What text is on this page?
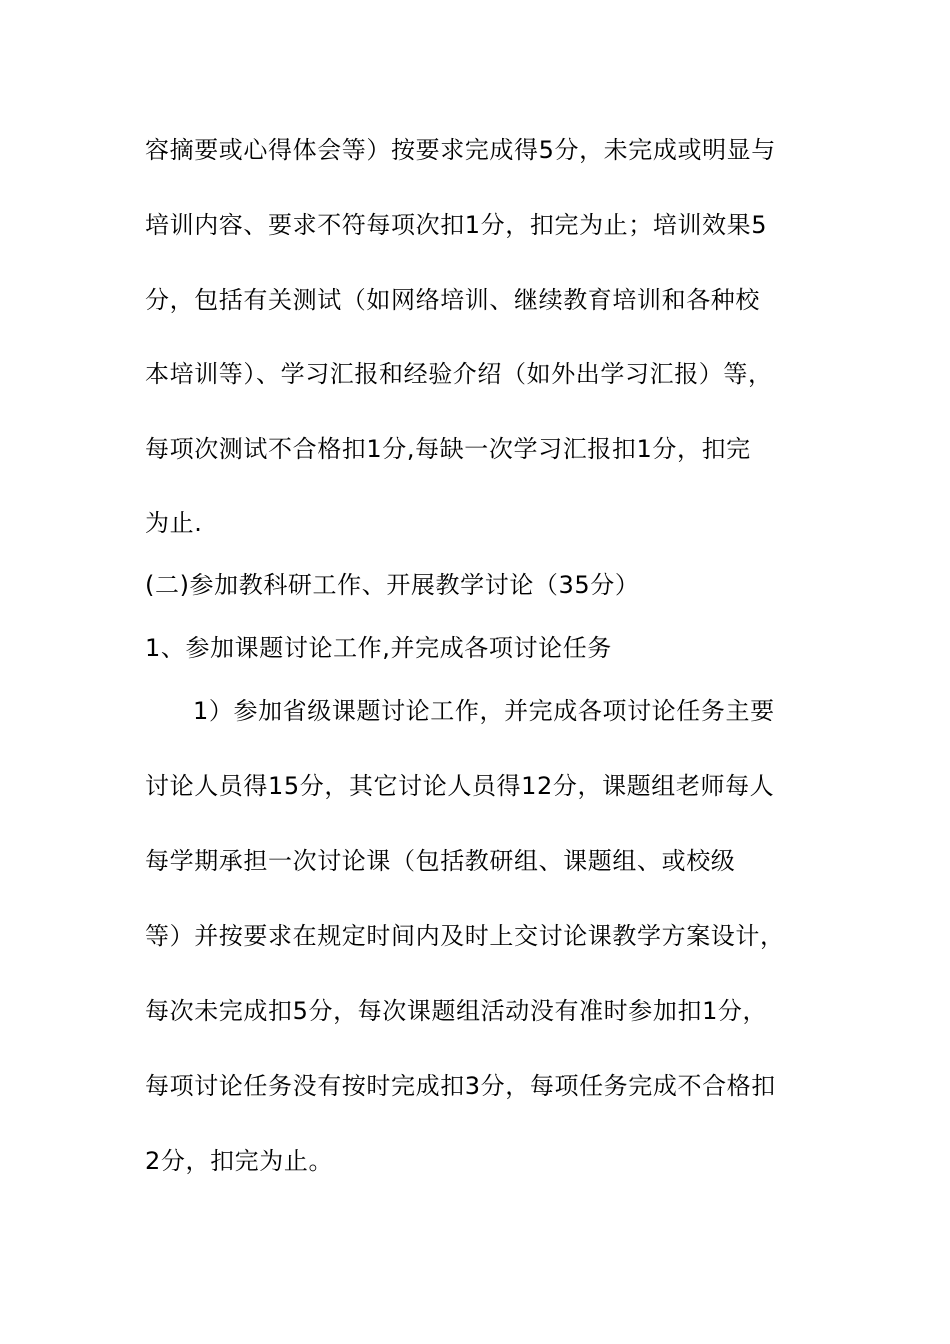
容摘要或心得体会等）按要求完成得5分，未完成或明显与
培训内容、要求不符每项次扣1分，扣完为止；培训效果5
分，包括有关测试（如网络培训、继续教育培训和各种校
本培训等）、学习汇报和经验介绍（如外出学习汇报）等，
每项次测试不合格扣1分,每缺一次学习汇报扣1分，扣完
为止.
(二)参加教科研工作、开展教学讨论（35分）
1、参加课题讨论工作,并完成各项讨论任务
1）参加省级课题讨论工作，并完成各项讨论任务主要
讨论人员得15分，其它讨论人员得12分，课题组老师每人
每学期承担一次讨论课（包括教研组、课题组、或校级
等）并按要求在规定时间内及时上交讨论课教学方案设计，
每次未完成扣5分，每次课题组活动没有准时参加扣1分，
每项讨论任务没有按时完成扣3分，每项任务完成不合格扣
2分，扣完为止。
